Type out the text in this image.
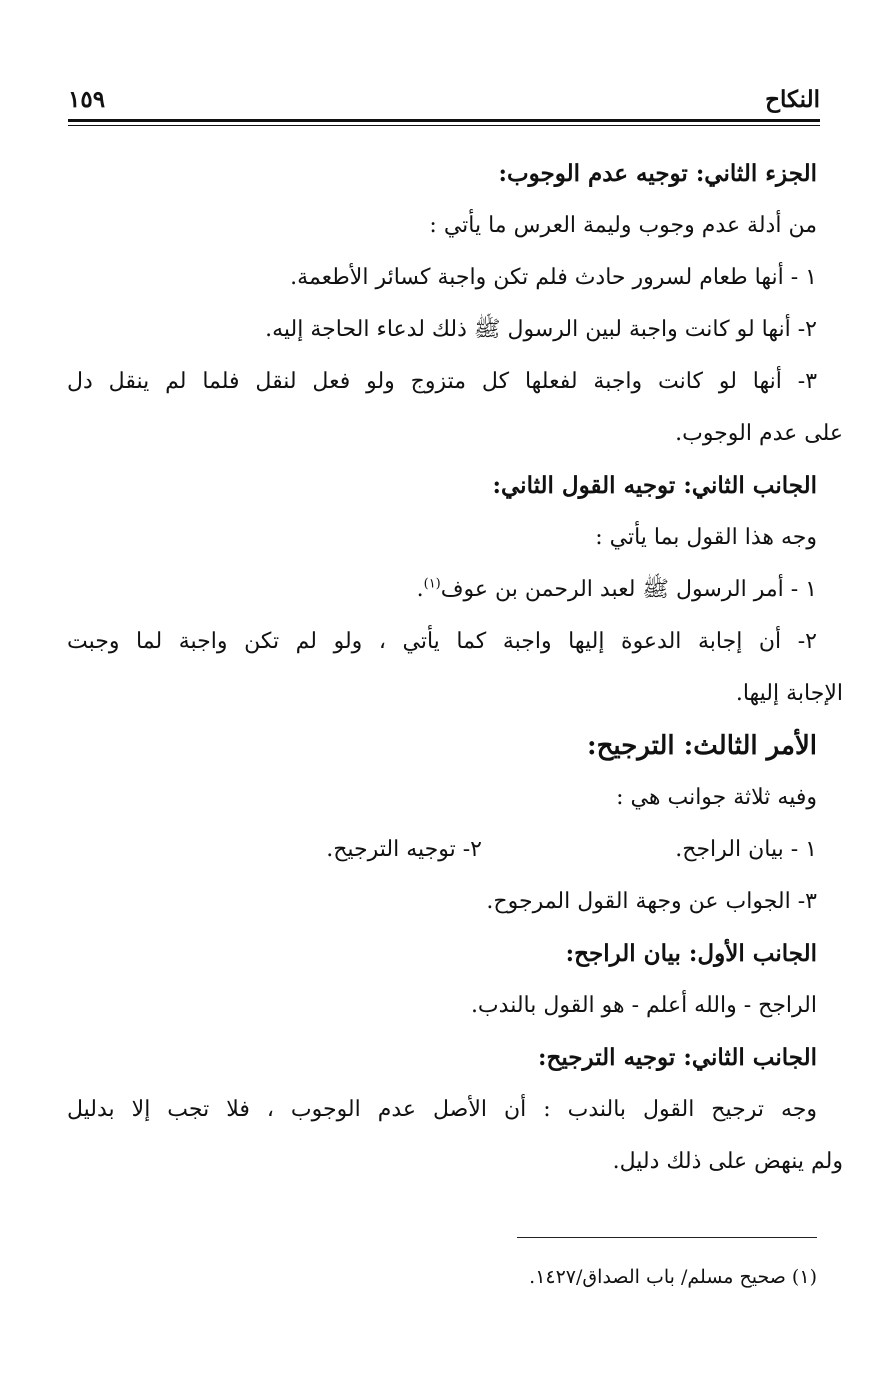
النكاح
١٥٩
الجزء الثاني: توجيه عدم الوجوب:
من أدلة عدم وجوب وليمة العرس ما يأتي :
١ - أنها طعام لسرور حادث فلم تكن واجبة كسائر الأطعمة.
٢- أنها لو كانت واجبة لبين الرسول ﷺ ذلك لدعاء الحاجة إليه.
٣- أنها لو كانت واجبة لفعلها كل متزوج ولو فعل لنقل فلما لم ينقل دل
على عدم الوجوب.
الجانب الثاني: توجيه القول الثاني:
وجه هذا القول بما يأتي :
١ - أمر الرسول ﷺ لعبد الرحمن بن عوف$^{(١)}$.
٢- أن إجابة الدعوة إليها واجبة كما يأتي ، ولو لم تكن واجبة لما وجبت
الإجابة إليها.
الأمر الثالث: الترجيح:
وفيه ثلاثة جوانب هي :
١ - بيان الراجح.
٢- توجيه الترجيح.
٣- الجواب عن وجهة القول المرجوح.
الجانب الأول: بيان الراجح:
الراجح - والله أعلم - هو القول بالندب.
الجانب الثاني: توجيه الترجيح:
وجه ترجيح القول بالندب : أن الأصل عدم الوجوب ، فلا تجب إلا بدليل
ولم ينهض على ذلك دليل.
(١) صحيح مسلم/ باب الصداق/١٤٢٧.
